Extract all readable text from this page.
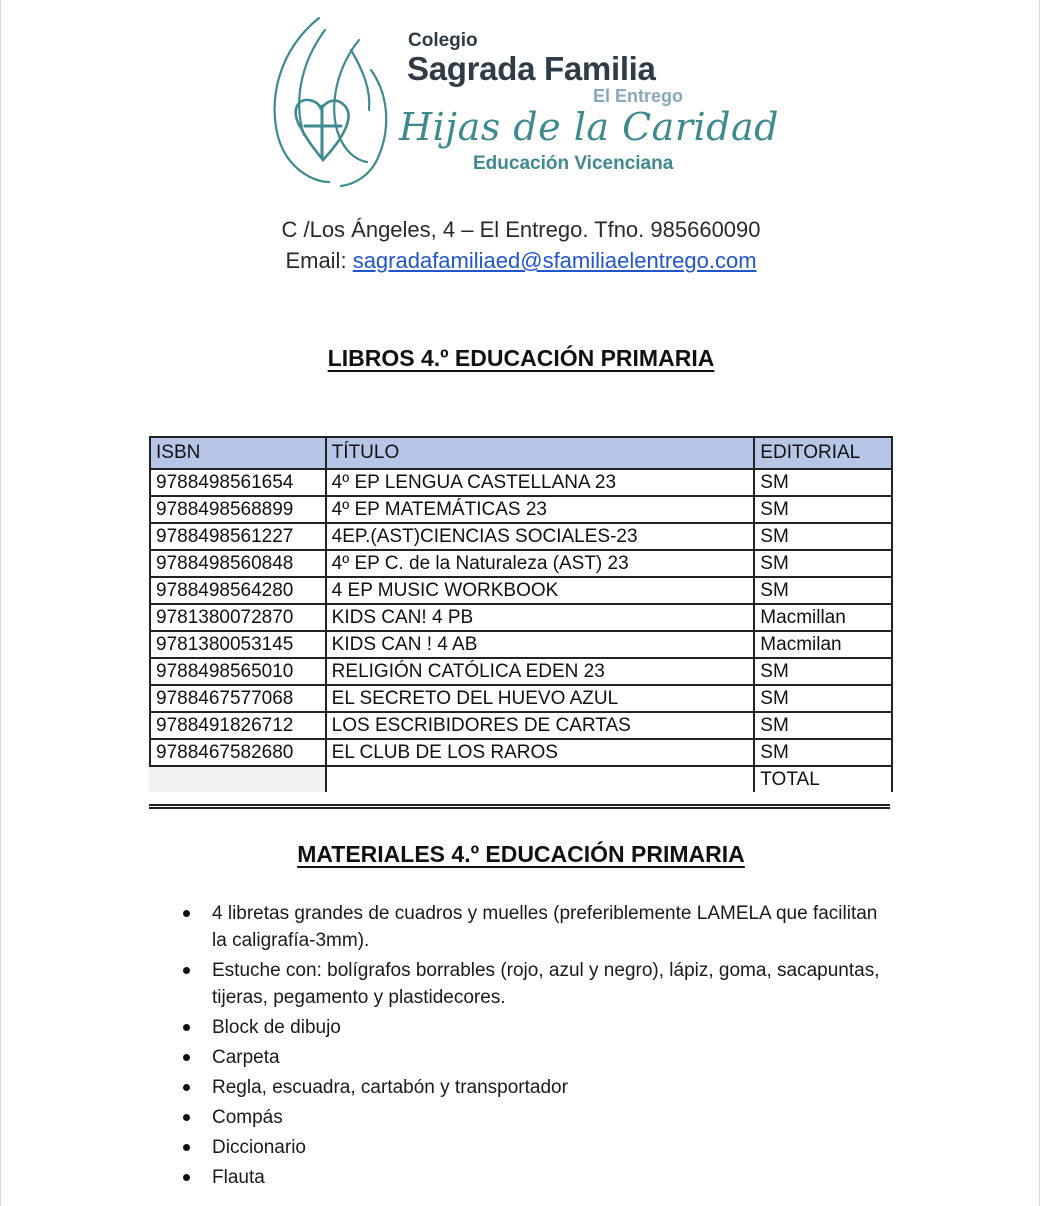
Colegio
Sagrada Familia
El Entrego
Hijas de la Caridad
Educación Vicenciana
C /Los Ángeles, 4 – El Entrego. Tfno. 985660090
Email: sagradafamiliaed@sfamiliaelentrego.com
LIBROS 4.º EDUCACIÓN PRIMARIA
ISBN	TÍTULO	EDITORIAL
9788498561654	4º EP LENGUA CASTELLANA 23	SM
9788498568899	4º EP MATEMÁTICAS 23	SM
9788498561227	4EP.(AST)CIENCIAS SOCIALES-23	SM
9788498560848	4º EP C. de la Naturaleza (AST) 23	SM
9788498564280	4 EP MUSIC WORKBOOK	SM
9781380072870	KIDS CAN! 4 PB	Macmillan
9781380053145	KIDS CAN ! 4 AB	Macmilan
9788498565010	RELIGIÓN CATÓLICA EDEN 23	SM
9788467577068	EL SECRETO DEL HUEVO AZUL	SM
9788491826712	LOS ESCRIBIDORES DE CARTAS	SM
9788467582680	EL CLUB DE LOS RAROS	SM
		TOTAL
MATERIALES 4.º EDUCACIÓN PRIMARIA
4 libretas grandes de cuadros y muelles (preferiblemente LAMELA que facilitan la caligrafía-3mm).
Estuche con: bolígrafos borrables (rojo, azul y negro), lápiz, goma, sacapuntas, tijeras, pegamento y plastidecores.
Block de dibujo
Carpeta
Regla, escuadra, cartabón y transportador
Compás
Diccionario
Flauta
